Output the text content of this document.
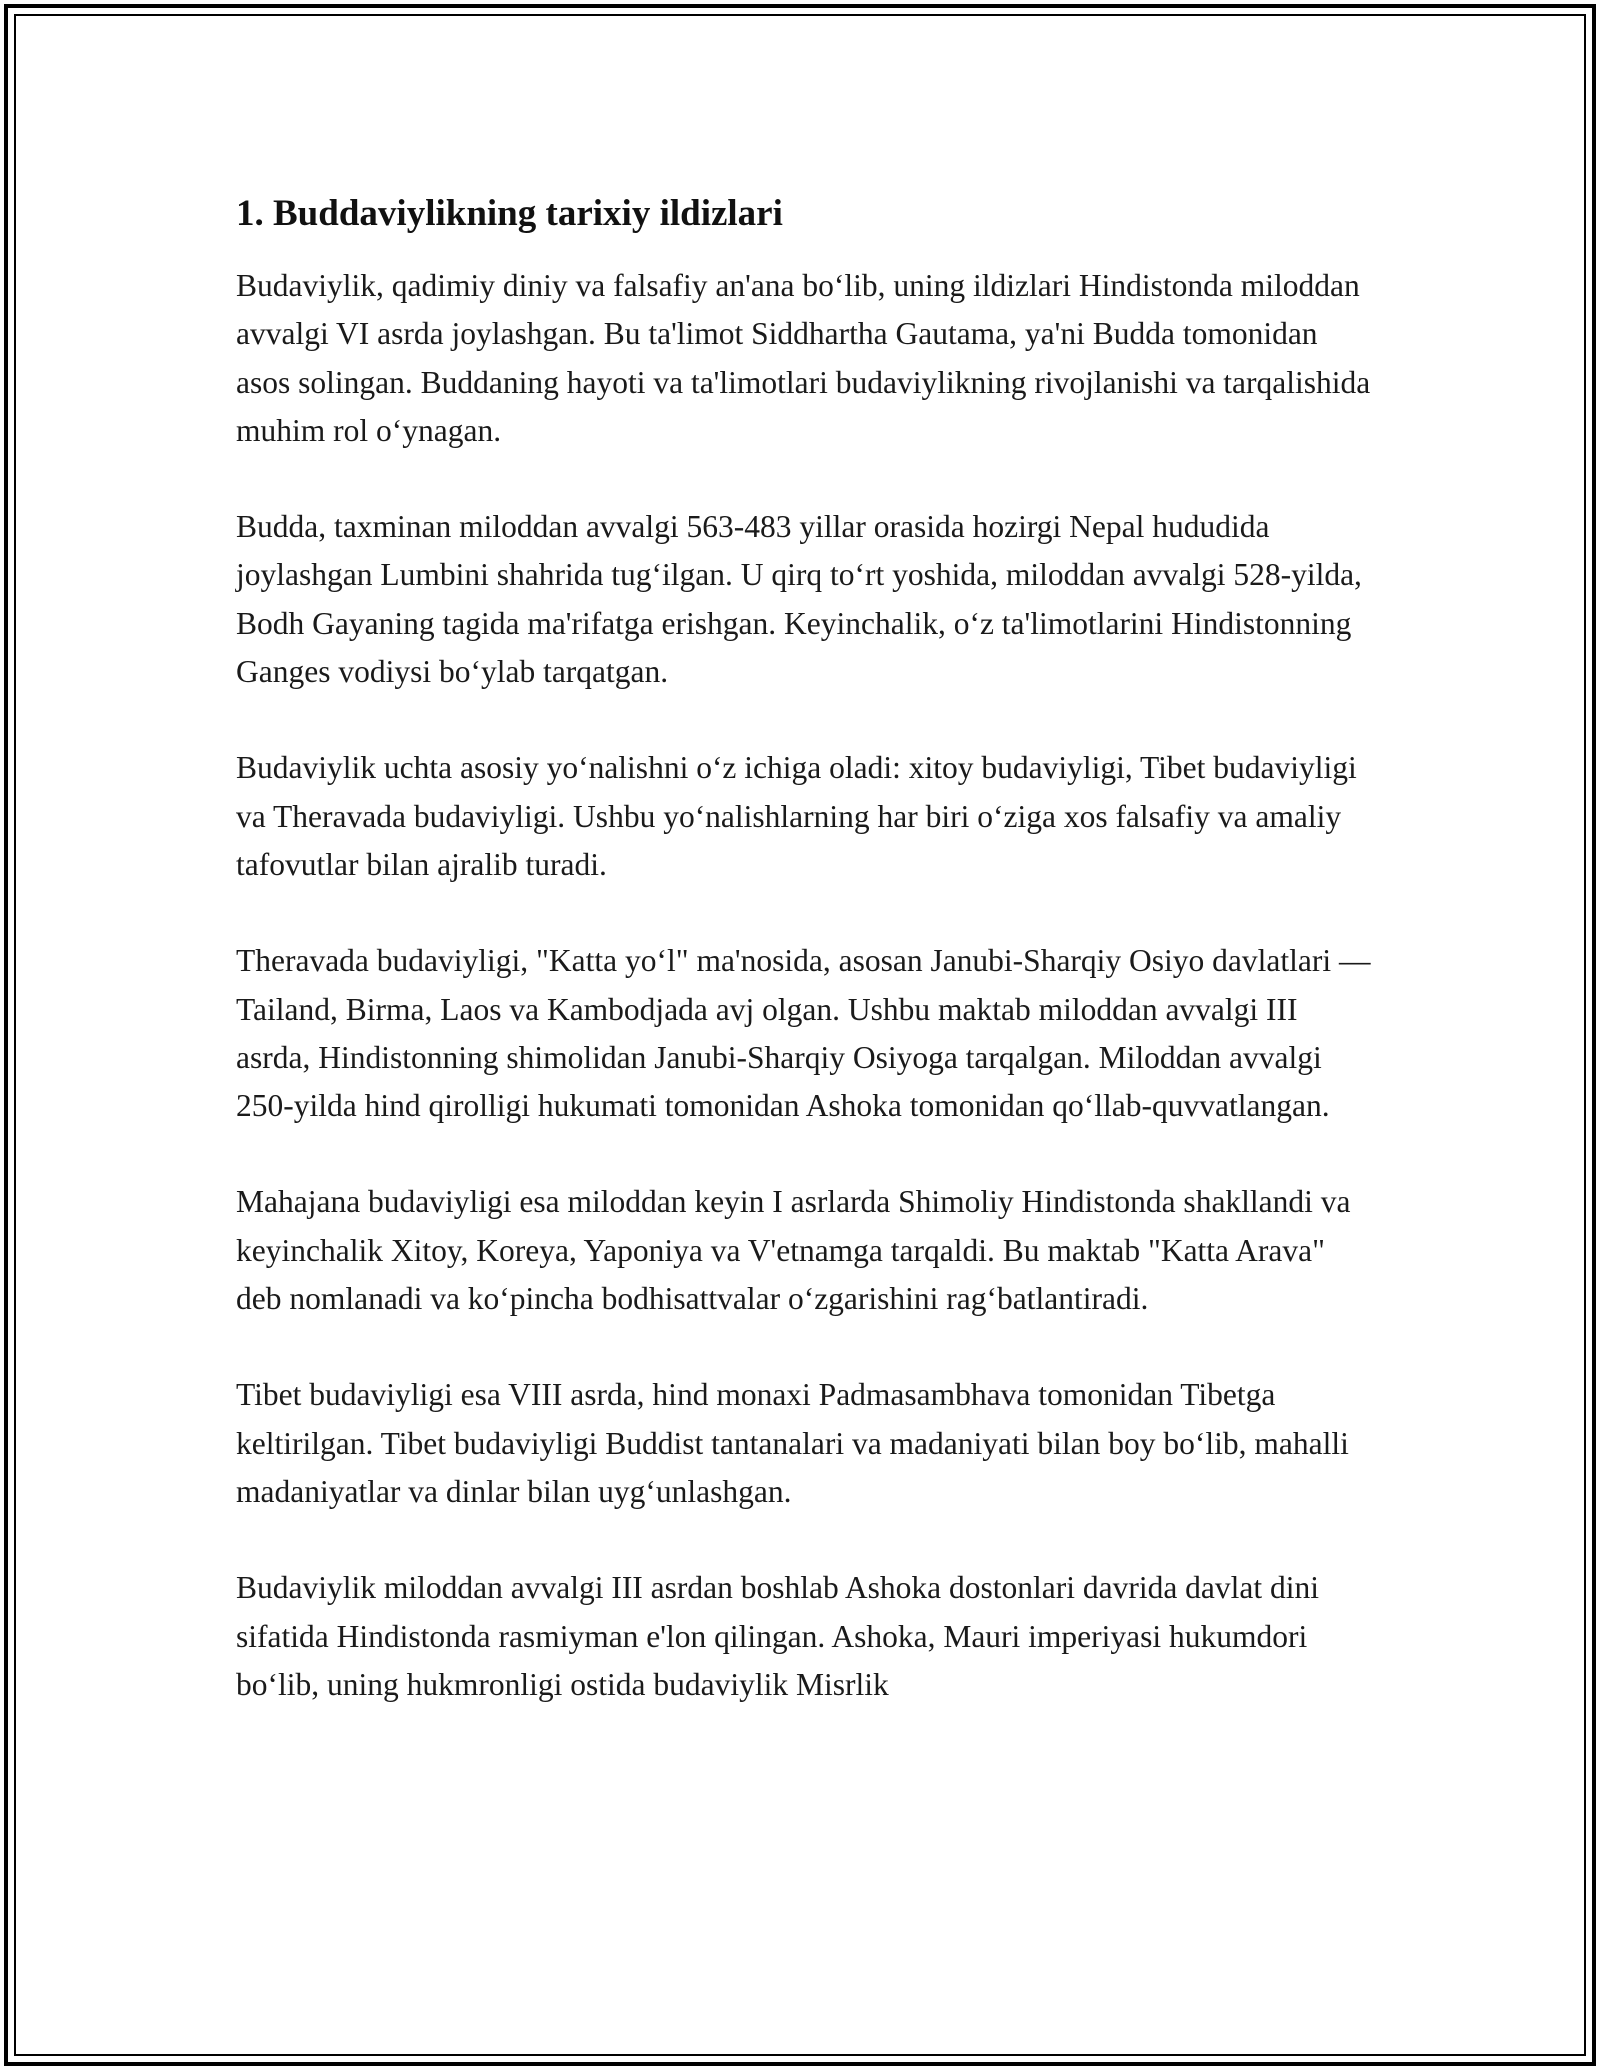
1. Buddaviylikning tarixiy ildizlari

Budaviylik, qadimiy diniy va falsafiy an'ana bo‘lib, uning ildizlari Hindistonda miloddan avvalgi VI asrda joylashgan. Bu ta'limot Siddhartha Gautama, ya'ni Budda tomonidan asos solingan. Buddaning hayoti va ta'limotlari budaviylikning rivojlanishi va tarqalishida muhim rol o‘ynagan.

Budda, taxminan miloddan avvalgi 563-483 yillar orasida hozirgi Nepal hududida joylashgan Lumbini shahrida tug‘ilgan. U qirq to‘rt yoshida, miloddan avvalgi 528-yilda, Bodh Gayaning tagida ma'rifatga erishgan. Keyinchalik, o‘z ta'limotlarini Hindistonning Ganges vodiysi bo‘ylab tarqatgan.

Budaviylik uchta asosiy yo‘nalishni o‘z ichiga oladi: xitoy budaviyligi, Tibet budaviyligi va Theravada budaviyligi. Ushbu yo‘nalishlarning har biri o‘ziga xos falsafiy va amaliy tafovutlar bilan ajralib turadi.

Theravada budaviyligi, "Katta yo‘l" ma'nosida, asosan Janubi-Sharqiy Osiyo davlatlari — Tailand, Birma, Laos va Kambodjada avj olgan. Ushbu maktab miloddan avvalgi III asrda, Hindistonning shimolidan Janubi-Sharqiy Osiyoga tarqalgan. Miloddan avvalgi 250-yilda hind qirolligi hukumati tomonidan Ashoka tomonidan qo‘llab-quvvatlangan.

Mahajana budaviyligi esa miloddan keyin I asrlarda Shimoliy Hindistonda shakllandi va keyinchalik Xitoy, Koreya, Yaponiya va V'etnamga tarqaldi. Bu maktab "Katta Arava" deb nomlanadi va ko‘pincha bodhisattvalar o‘zgarishini rag‘batlantiradi.

Tibet budaviyligi esa VIII asrda, hind monaxi Padmasambhava tomonidan Tibetga keltirilgan. Tibet budaviyligi Buddist tantanalari va madaniyati bilan boy bo‘lib, mahalli madaniyatlar va dinlar bilan uyg‘unlashgan.

Budaviylik miloddan avvalgi III asrdan boshlab Ashoka dostonlari davrida davlat dini sifatida Hindistonda rasmiyman e'lon qilingan. Ashoka, Mauri imperiyasi hukumdori bo‘lib, uning hukmronligi ostida budaviylik Misrlik
